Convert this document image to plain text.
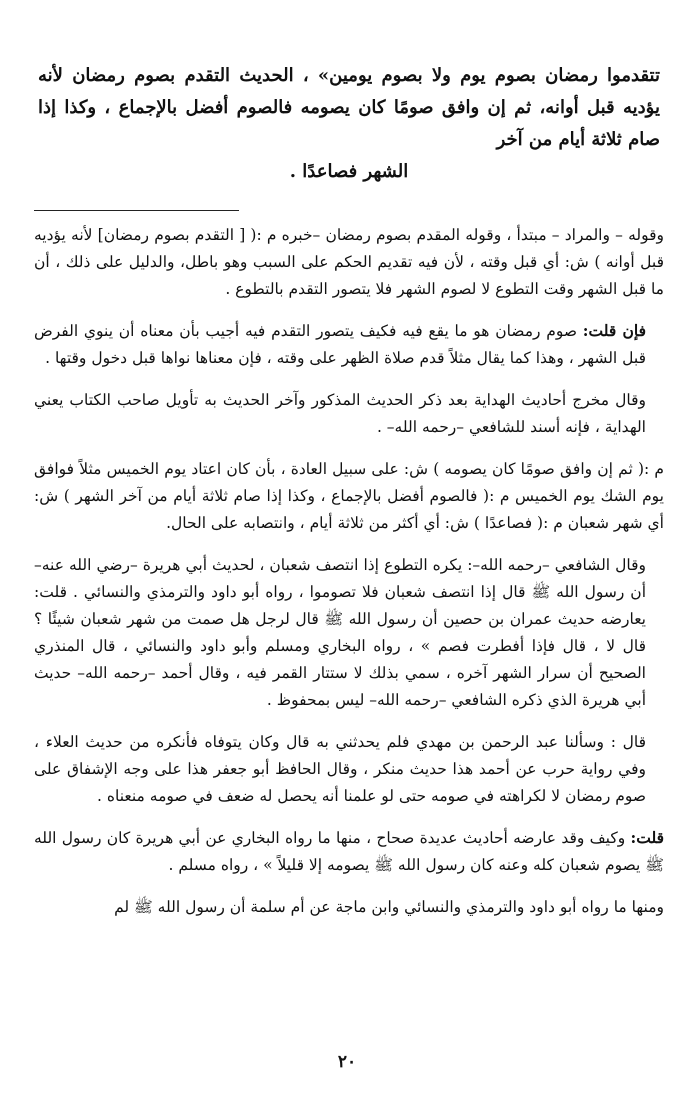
تتقدموا رمضان بصوم يوم ولا بصوم يومين» ، الحديث التقدم بصوم رمضان لأنه يؤديه قبل أوانه، ثم إن وافق صومًا كان يصومه فالصوم أفضل بالإجماع ، وكذا إذا صام ثلاثة أيام من آخر
الشهر فصاعدًا .

وقوله – والمراد – مبتدأ ، وقوله المقدم بصوم رمضان –خبره م :( [ التقدم بصوم رمضان] لأنه يؤديه قبل أوانه ) ش: أي قبل وقته ، لأن فيه تقديم الحكم على السبب وهو باطل، والدليل على ذلك ، أن ما قبل الشهر وقت التطوع لا لصوم الشهر فلا يتصور التقدم بالتطوع .

فإن قلت: صوم رمضان هو ما يقع فيه فكيف يتصور التقدم فيه أجيب بأن معناه أن ينوي الفرض قبل الشهر ، وهذا كما يقال مثلاً قدم صلاة الظهر على وقته ، فإن معناها نواها قبل دخول وقتها .

وقال مخرج أحاديث الهداية بعد ذكر الحديث المذكور وآخر الحديث به تأويل صاحب الكتاب يعني الهداية ، فإنه أسند للشافعي –رحمه الله– .

م :( ثم إن وافق صومًا كان يصومه ) ش: على سبيل العادة ، بأن كان اعتاد يوم الخميس مثلاً فوافق يوم الشك يوم الخميس م :( فالصوم أفضل بالإجماع ، وكذا إذا صام ثلاثة أيام من آخر الشهر ) ش: أي شهر شعبان م :( فصاعدًا ) ش: أي أكثر من ثلاثة أيام ، وانتصابه على الحال.

وقال الشافعي –رحمه الله–: يكره التطوع إذا انتصف شعبان ، لحديث أبي هريرة –رضي الله عنه– أن رسول الله ﷺ قال إذا انتصف شعبان فلا تصوموا ، رواه أبو داود والترمذي والنسائي . قلت: يعارضه حديث عمران بن حصين أن رسول الله ﷺ قال لرجل هل صمت من شهر شعبان شيئًا ؟ قال لا ، قال فإذا أفطرت فصم » ، رواه البخاري ومسلم وأبو داود والنسائي ، قال المنذري الصحيح أن سرار الشهر آخره ، سمي بذلك لا ستتار القمر فيه ، وقال أحمد –رحمه الله– حديث أبي هريرة الذي ذكره الشافعي –رحمه الله– ليس بمحفوظ .

قال : وسألنا عبد الرحمن بن مهدي فلم يحدثني به قال وكان يتوفاه فأنكره من حديث العلاء ، وفي رواية حرب عن أحمد هذا حديث منكر ، وقال الحافظ أبو جعفر هذا على وجه الإشفاق على صوم رمضان لا لكراهته في صومه حتى لو علمنا أنه يحصل له ضعف في صومه منعناه .

قلت: وكيف وقد عارضه أحاديث عديدة صحاح ، منها ما رواه البخاري عن أبي هريرة كان رسول الله ﷺ يصوم شعبان كله وعنه كان رسول الله ﷺ يصومه إلا قليلاً » ، رواه مسلم .

ومنها ما رواه أبو داود والترمذي والنسائي وابن ماجة عن أم سلمة أن رسول الله ﷺ لم

٢٠
